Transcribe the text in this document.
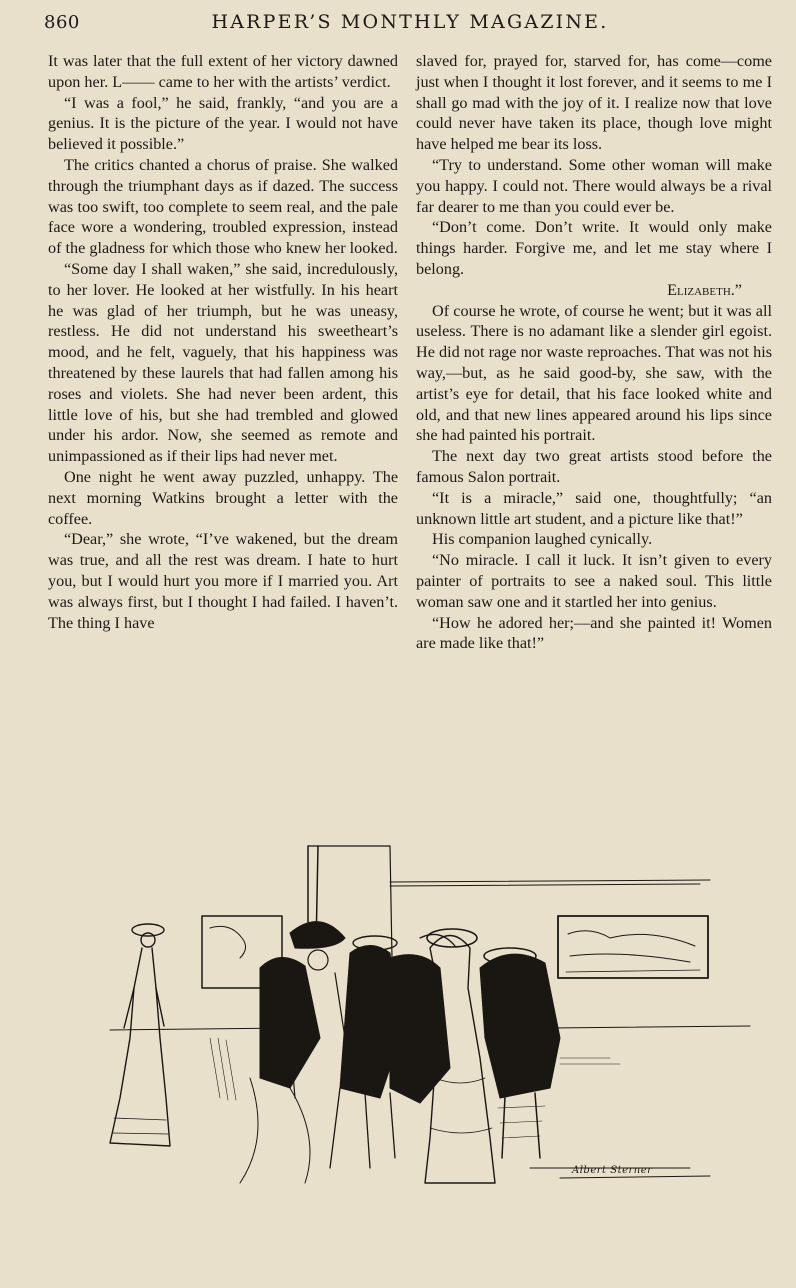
860	HARPER’S MONTHLY MAGAZINE.

It was later that the full extent of her victory dawned upon her. L—— came to her with the artists’ verdict.

“I was a fool,” he said, frankly, “and you are a genius. It is the picture of the year. I would not have believed it possible.”

The critics chanted a chorus of praise. She walked through the triumphant days as if dazed. The success was too swift, too complete to seem real, and the pale face wore a wondering, troubled expression, instead of the gladness for which those who knew her looked.

“Some day I shall waken,” she said, incredulously, to her lover. He looked at her wistfully. In his heart he was glad of her triumph, but he was uneasy, restless. He did not understand his sweetheart’s mood, and he felt, vaguely, that his happiness was threatened by these laurels that had fallen among his roses and violets. She had never been ardent, this little love of his, but she had trembled and glowed under his ardor. Now, she seemed as remote and unimpassioned as if their lips had never met.

One night he went away puzzled, unhappy. The next morning Watkins brought a letter with the coffee.

“Dear,” she wrote, “I’ve wakened, but the dream was true, and all the rest was dream. I hate to hurt you, but I would hurt you more if I married you. Art was always first, but I thought I had failed. I haven’t. The thing I have

slaved for, prayed for, starved for, has come—come just when I thought it lost forever, and it seems to me I shall go mad with the joy of it. I realize now that love could never have taken its place, though love might have helped me bear its loss.

“Try to understand. Some other woman will make you happy. I could not. There would always be a rival far dearer to me than you could ever be.

“Don’t come. Don’t write. It would only make things harder. Forgive me, and let me stay where I belong.

Elizabeth.”

Of course he wrote, of course he went; but it was all useless. There is no adamant like a slender girl egoist. He did not rage nor waste reproaches. That was not his way,—but, as he said good-by, she saw, with the artist’s eye for detail, that his face looked white and old, and that new lines appeared around his lips since she had painted his portrait.

The next day two great artists stood before the famous Salon portrait.

“It is a miracle,” said one, thoughtfully; “an unknown little art student, and a picture like that!”

His companion laughed cynically.

“No miracle. I call it luck. It isn’t given to every painter of portraits to see a naked soul. This little woman saw one and it startled her into genius.

“How he adored her;—and she painted it! Women are made like that!”

Albert Sterner
